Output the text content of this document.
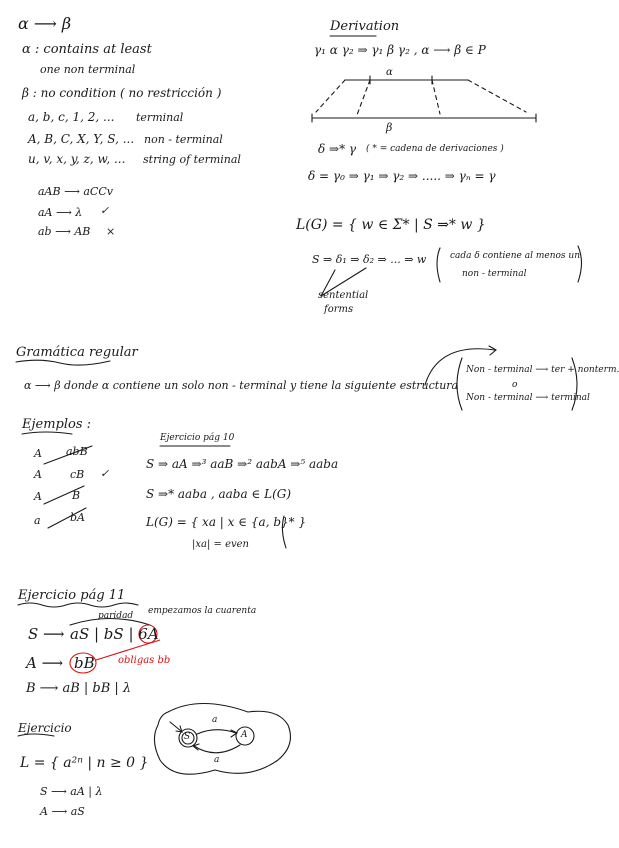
α ⟶ β
α : contains at least
one non terminal
β : no condition ( no restricción )
a, b, c, 1, 2, ... terminal
A, B, C, X, Y, S, ... non - terminal
u, v, x, y, z, w, ... string of terminal
aAB ⟶ aCCv
aA ⟶ λ ✓
ab ⟶ AB ×
Derivation
γ₁ α γ₂ ⇒ γ₁ β γ₂ , α ⟶ β ∈ P
α
β
δ ⇒* γ ( * = cadena de derivaciones )
δ = γ₀ ⇒ γ₁ ⇒ γ₂ ⇒ ..... ⇒ γₙ = γ
L(G) = { w ∈ Σ* | S ⇒* w }
S ⇒ δ₁ ⇒ δ₂ ⇒ ... ⇒ w	cada δ contiene al menos un
non - terminal
sentential
forms
Gramática regular
α ⟶ β donde α contiene un solo non - terminal y tiene la siguiente estructura
Non - terminal ⟶ ter + nonterm.
o
Non - terminal ⟶ terminal
Ejemplos :
A abB
A	cB ✓
A	B
a	bA
Ejercicio pág 10
S ⇒ aA ⇒³ aaB ⇒² aabA ⇒⁵ aaba
S ⇒* aaba , aaba ∈ L(G)
L(G) = { xa | x ∈ {a, b}* }
|xa| = even
Ejercicio pág 11
paridad empezamos la cuarenta
S ⟶ aS | bS | 6A
A ⟶ bB obligas bb
B ⟶ aB | bB | λ
Ejercicio
L = { a²ⁿ | n ≥ 0 }
S ⟶ aA | λ
A ⟶ aS
S	A
a
a
